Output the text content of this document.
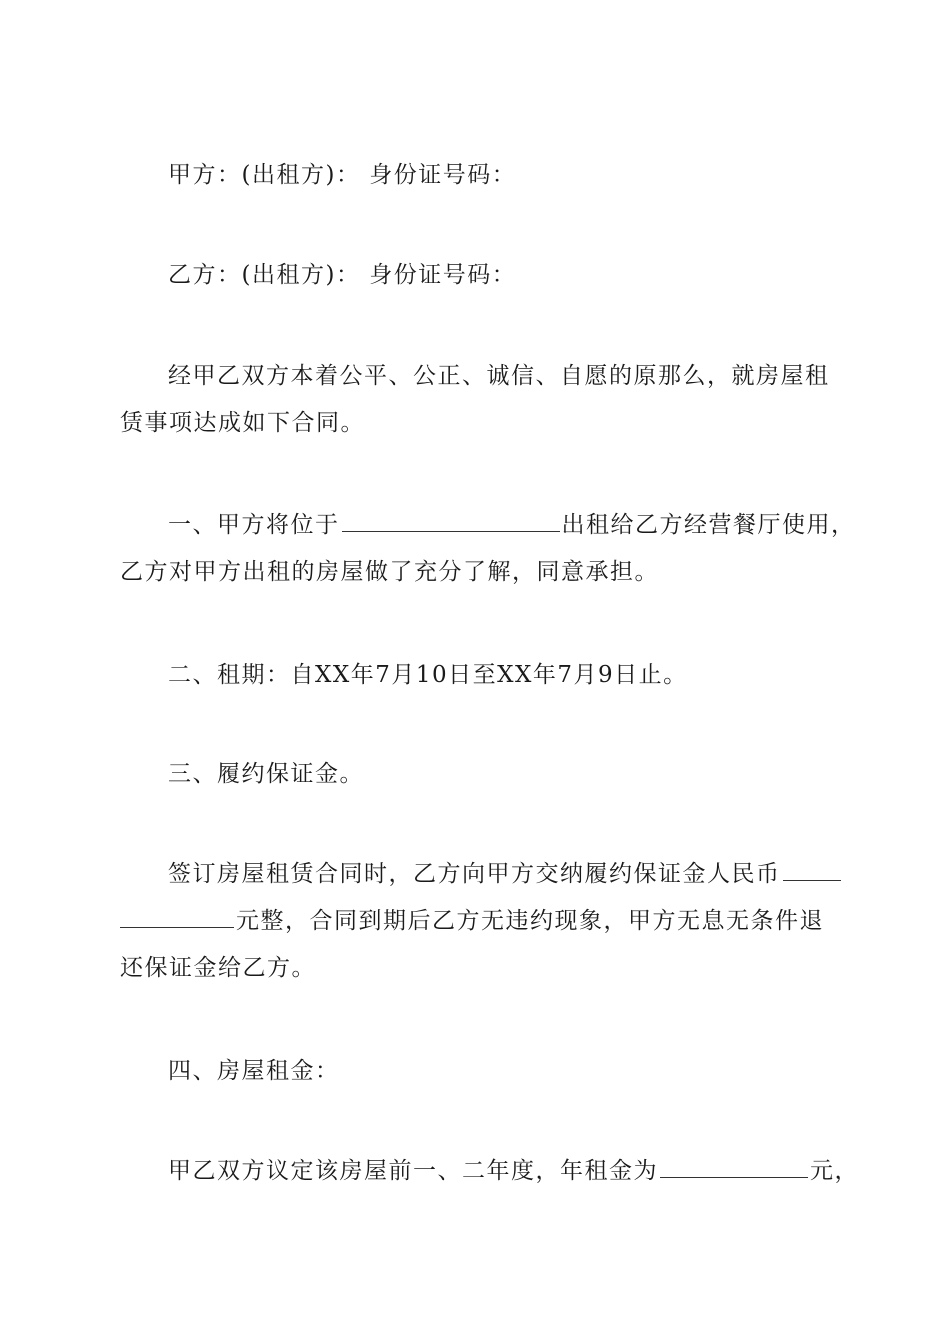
甲方：(出租方)： 身份证号码：

乙方：(出租方)： 身份证号码：

经甲乙双方本着公平、公正、诚信、自愿的原那么，就房屋租
赁事项达成如下合同。

一、甲方将位于	出租给乙方经营餐厅使用，
乙方对甲方出租的房屋做了充分了解，同意承担。

二、租期：自XX年7月10日至XX年7月9日止。

三、履约保证金。

签订房屋租赁合同时，乙方向甲方交纳履约保证金人民币
元整，合同到期后乙方无违约现象，甲方无息无条件退
还保证金给乙方。

四、房屋租金：

甲乙双方议定该房屋前一、二年度，年租金为	元，
